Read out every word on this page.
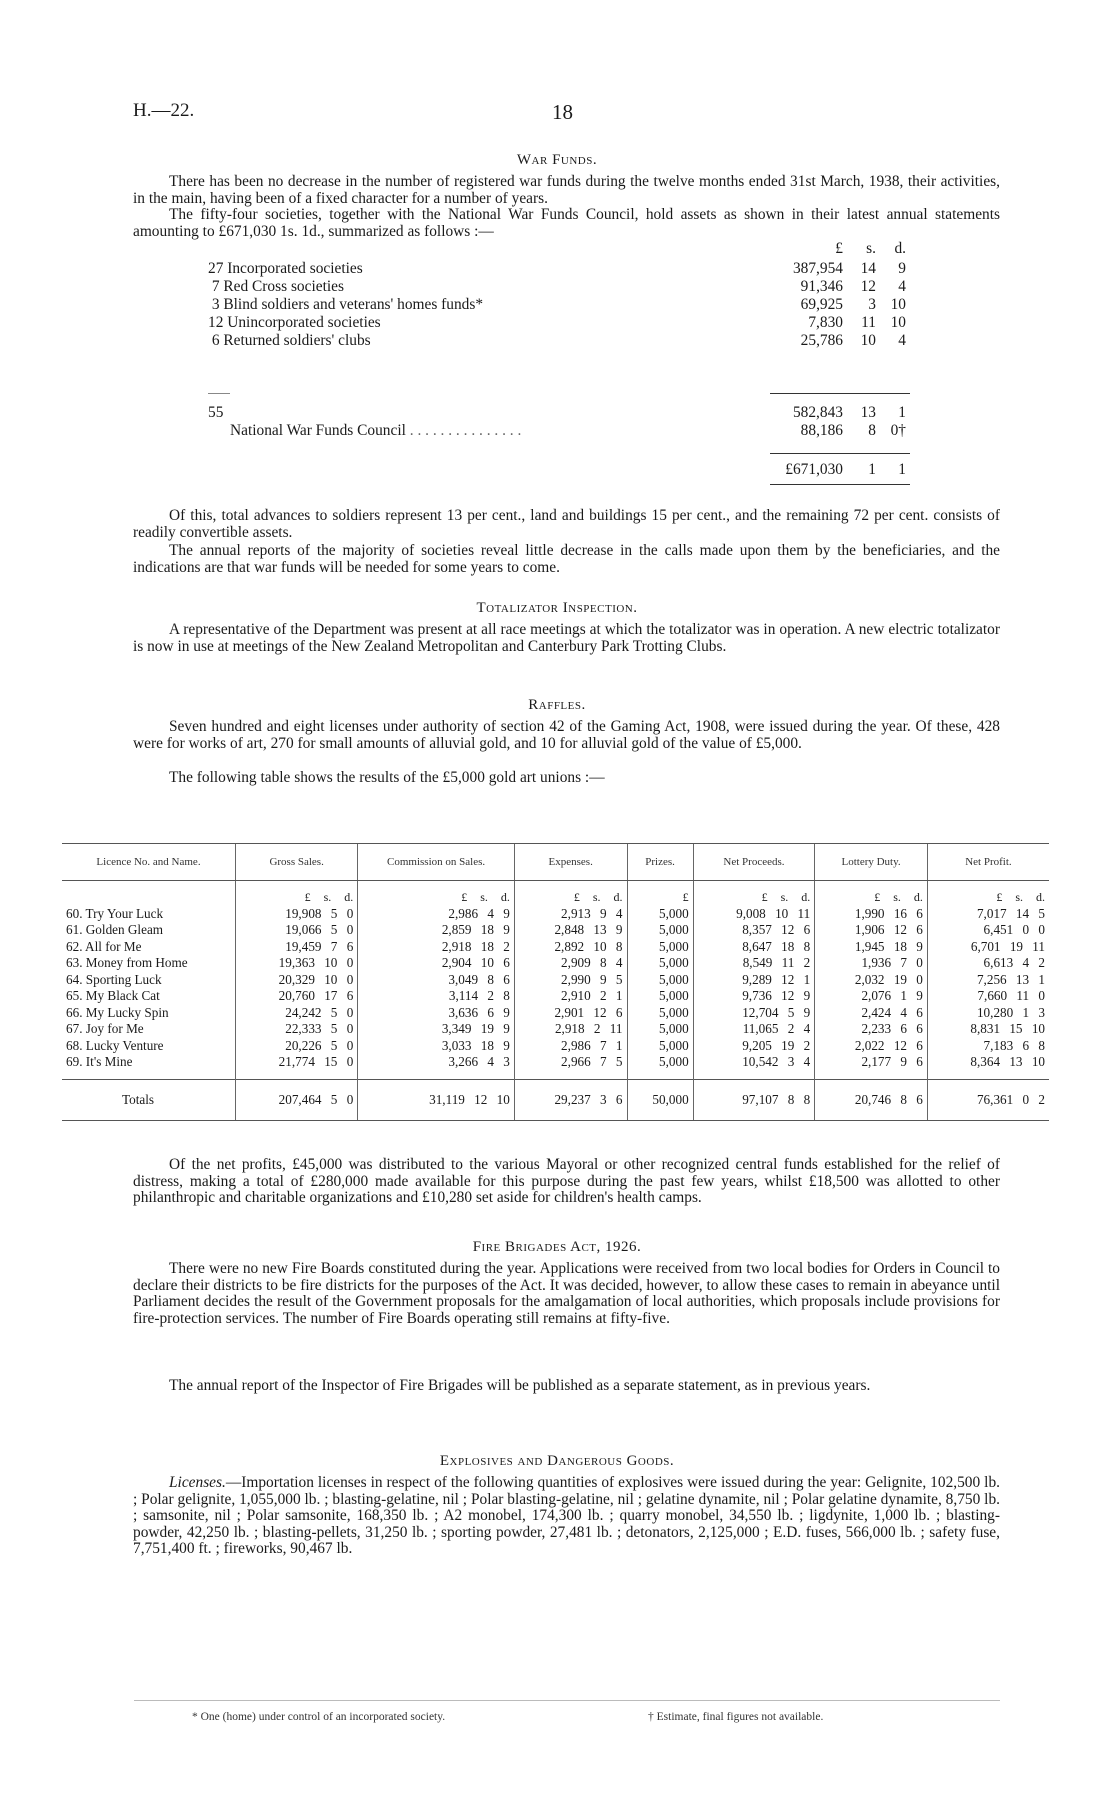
H.—22.	18
War Funds.
There has been no decrease in the number of registered war funds during the twelve months ended 31st March, 1938, their activities, in the main, having been of a fixed character for a number of years.
The fifty-four societies, together with the National War Funds Council, hold assets as shown in their latest annual statements amounting to £671,030 1s. 1d., summarized as follows :—
£	s.	d.
27 Incorporated societies	387,954	14	9
7 Red Cross societies	91,346	12	4
3 Blind soldiers and veterans' homes funds*	69,925	3 10
12 Unincorporated societies	7,830	11 10
6 Returned soldiers' clubs	25,786	10	4
55	582,843	13	1
National War Funds Council . . . . . . . . . . . . . . .	88,186	8 0†
£671,030	1	1
Of this, total advances to soldiers represent 13 per cent., land and buildings 15 per cent., and the remaining 72 per cent. consists of readily convertible assets.
The annual reports of the majority of societies reveal little decrease in the calls made upon them by the beneficiaries, and the indications are that war funds will be needed for some years to come.
Totalizator Inspection.
A representative of the Department was present at all race meetings at which the totalizator was in operation. A new electric totalizator is now in use at meetings of the New Zealand Metropolitan and Canterbury Park Trotting Clubs.
Raffles.
Seven hundred and eight licenses under authority of section 42 of the Gaming Act, 1908, were issued during the year. Of these, 428 were for works of art, 270 for small amounts of alluvial gold, and 10 for alluvial gold of the value of £5,000.
The following table shows the results of the £5,000 gold art unions :—
Licence No. and Name.	Gross Sales.	Commission on Sales.	Expenses.	Prizes.	Net Proceeds.	Lottery Duty.	Net Profit.
	£ s. d.	£ s. d.	£ s. d.	£	£ s. d.	£ s. d.	£ s. d.
60. Try Your Luck	19,908 5 0	2,986 4 9	2,913 9 4	5,000	9,008 10 11	1,990 16 6	7,017 14 5
61. Golden Gleam	19,066 5 0	2,859 18 9	2,848 13 9	5,000	8,357 12 6	1,906 12 6	6,451 0 0
62. All for Me	19,459 7 6	2,918 18 2	2,892 10 8	5,000	8,647 18 8	1,945 18 9	6,701 19 11
63. Money from Home	19,363 10 0	2,904 10 6	2,909 8 4	5,000	8,549 11 2	1,936 7 0	6,613 4 2
64. Sporting Luck	20,329 10 0	3,049 8 6	2,990 9 5	5,000	9,289 12 1	2,032 19 0	7,256 13 1
65. My Black Cat	20,760 17 6	3,114 2 8	2,910 2 1	5,000	9,736 12 9	2,076 1 9	7,660 11 0
66. My Lucky Spin	24,242 5 0	3,636 6 9	2,901 12 6	5,000	12,704 5 9	2,424 4 6	10,280 1 3
67. Joy for Me	22,333 5 0	3,349 19 9	2,918 2 11	5,000	11,065 2 4	2,233 6 6	8,831 15 10
68. Lucky Venture	20,226 5 0	3,033 18 9	2,986 7 1	5,000	9,205 19 2	2,022 12 6	7,183 6 8
69. It's Mine	21,774 15 0	3,266 4 3	2,966 7 5	5,000	10,542 3 4	2,177 9 6	8,364 13 10

Totals	207,464 5 0	31,119 12 10	29,237 3 6	50,000	97,107 8 8	20,746 8 6	76,361 0 2
Of the net profits, £45,000 was distributed to the various Mayoral or other recognized central funds established for the relief of distress, making a total of £280,000 made available for this purpose during the past few years, whilst £18,500 was allotted to other philanthropic and charitable organizations and £10,280 set aside for children's health camps.
Fire Brigades Act, 1926.
There were no new Fire Boards constituted during the year. Applications were received from two local bodies for Orders in Council to declare their districts to be fire districts for the purposes of the Act. It was decided, however, to allow these cases to remain in abeyance until Parliament decides the result of the Government proposals for the amalgamation of local authorities, which proposals include provisions for fire-protection services. The number of Fire Boards operating still remains at fifty-five.
The annual report of the Inspector of Fire Brigades will be published as a separate statement, as in previous years.
Explosives and Dangerous Goods.
Licenses.—Importation licenses in respect of the following quantities of explosives were issued during the year: Gelignite, 102,500 lb. ; Polar gelignite, 1,055,000 lb. ; blasting-gelatine, nil ; Polar blasting-gelatine, nil ; gelatine dynamite, nil ; Polar gelatine dynamite, 8,750 lb. ; samsonite, nil ; Polar samsonite, 168,350 lb. ; A2 monobel, 174,300 lb. ; quarry monobel, 34,550 lb. ; ligdynite, 1,000 lb. ; blasting-powder, 42,250 lb. ; blasting-pellets, 31,250 lb. ; sporting powder, 27,481 lb. ; detonators, 2,125,000 ; E.D. fuses, 566,000 lb. ; safety fuse, 7,751,400 ft. ; fireworks, 90,467 lb.
* One (home) under control of an incorporated society.	† Estimate, final figures not available.
